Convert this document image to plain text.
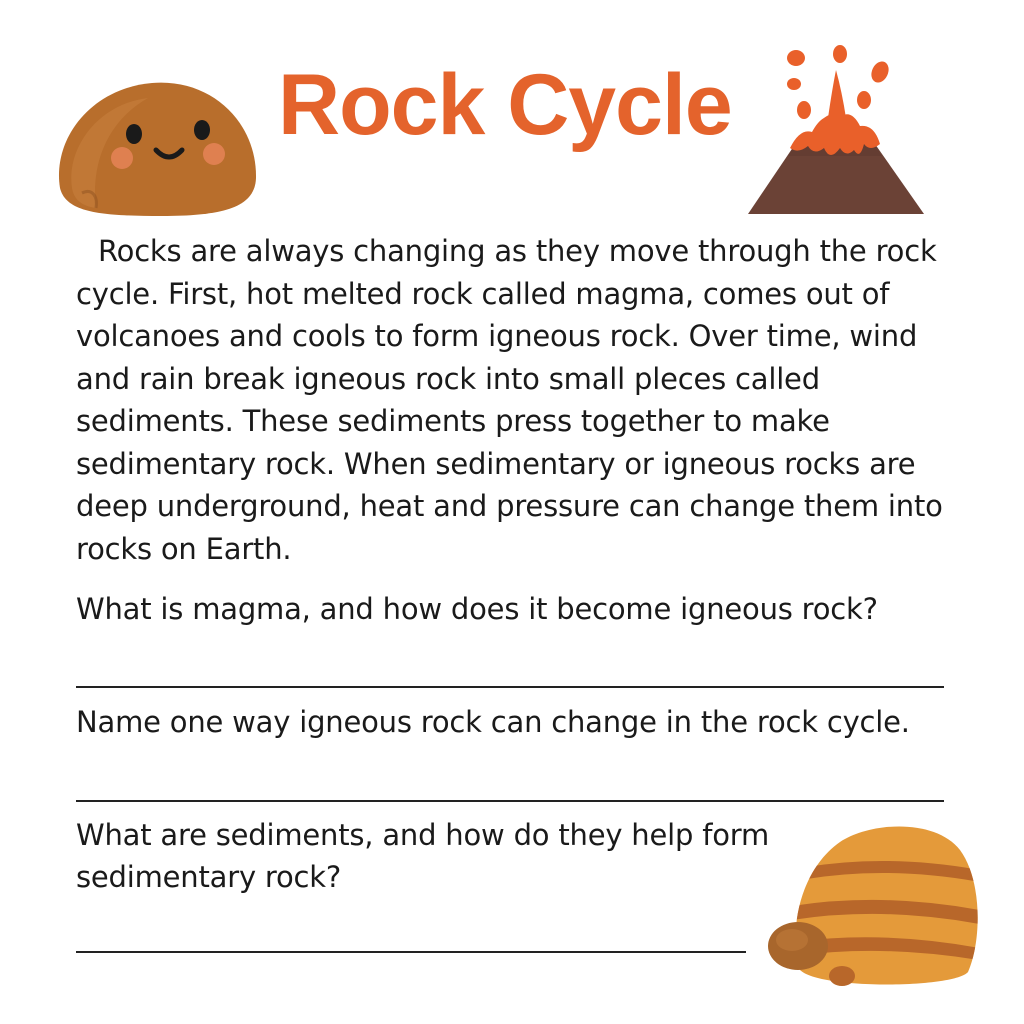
Rock Cycle

Rocks are always changing as they move through the rock cycle. First, hot melted rock called magma, comes out of volcanoes and cools to form igneous rock. Over time, wind and rain break igneous rock into small pleces called sediments. These sediments press together to make sedimentary rock. When sedimentary or igneous rocks are deep underground, heat and pressure can change them into rocks on Earth.

What is magma, and how does it become igneous rock?

Name one way igneous rock can change in the rock cycle.

What are sediments, and how do they help form sedimentary rock?
